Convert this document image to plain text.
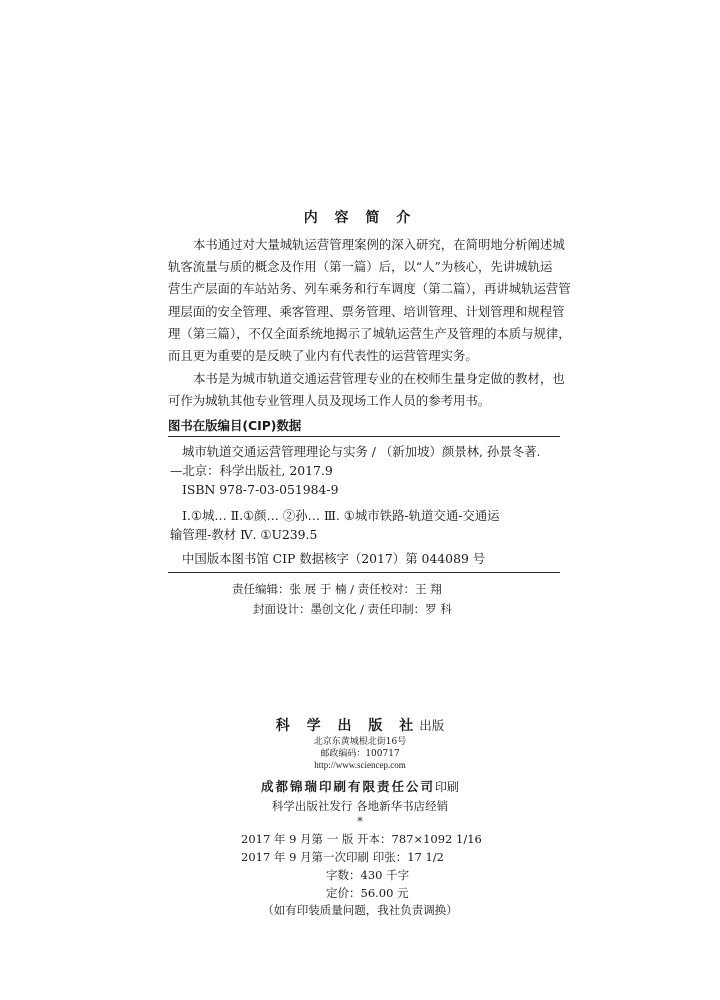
内 容 简 介
本书通过对大量城轨运营管理案例的深入研究，在简明地分析阐述城
轨客流量与质的概念及作用（第一篇）后，以“人”为核心，先讲城轨运
营生产层面的车站站务、列车乘务和行车调度（第二篇），再讲城轨运营管
理层面的安全管理、乘客管理、票务管理、培训管理、计划管理和规程管
理（第三篇），不仅全面系统地揭示了城轨运营生产及管理的本质与规律，
而且更为重要的是反映了业内有代表性的运营管理实务。
本书是为城市轨道交通运营管理专业的在校师生量身定做的教材，也
可作为城轨其他专业管理人员及现场工作人员的参考用书。
图书在版编目(CIP)数据
城市轨道交通运营管理理论与实务 / （新加坡）颜景林, 孙景冬著.
—北京：科学出版社, 2017.9
ISBN 978-7-03-051984-9
Ⅰ.①城… Ⅱ.①颜… ②孙… Ⅲ. ①城市铁路-轨道交通-交通运
输管理-教材 Ⅳ. ①U239.5
中国版本图书馆 CIP 数据核字（2017）第 044089 号
责任编辑：张 展 于 楠 / 责任校对：王 翔
封面设计：墨创文化 / 责任印制：罗 科
科 学 出 版 社出版
北京东黄城根北街16号
邮政编码：100717
http://www.sciencep.com
成都锦瑞印刷有限责任公司印刷
科学出版社发行 各地新华书店经销
*
2017 年 9 月第 一 版 开本：787×1092 1/16
2017 年 9 月第一次印刷 印张：17 1/2
字数：430 千字
定价：56.00 元
（如有印装质量问题，我社负责调换）
